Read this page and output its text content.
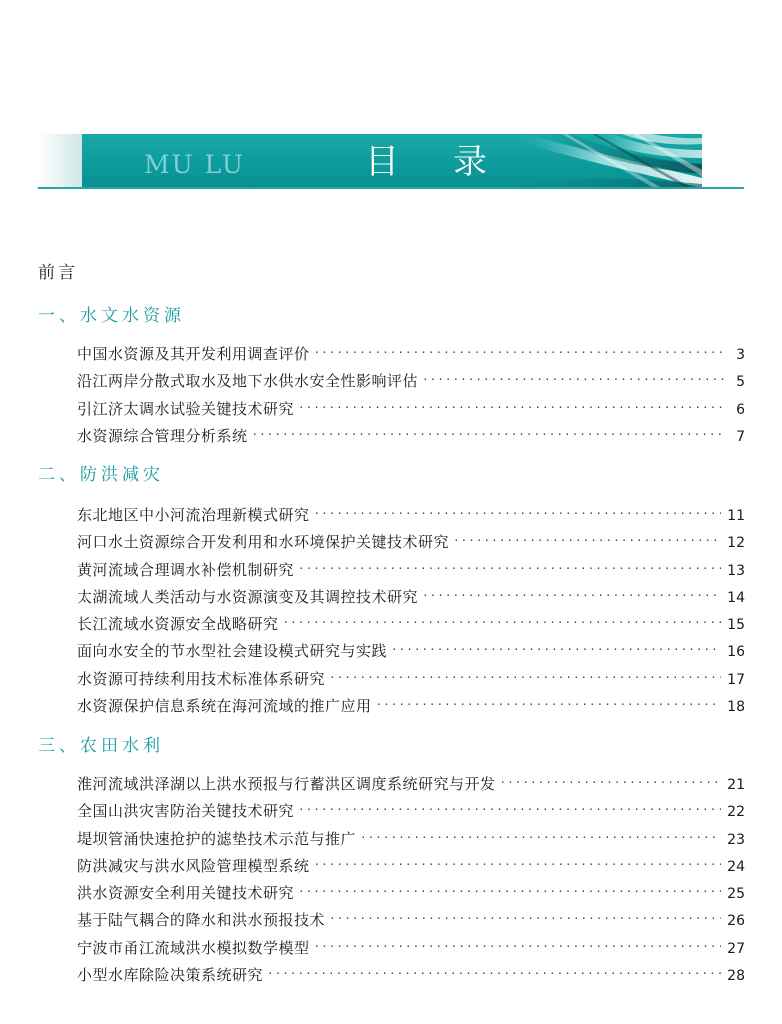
MU LU	目录
前言
一、水文水资源
中国水资源及其开发利用调查评价 ·····	3
沿江两岸分散式取水及地下水供水安全性影响评估 ·····	5
引江济太调水试验关键技术研究 ·····	6
水资源综合管理分析系统 ·····	7
二、防洪减灾
东北地区中小河流治理新模式研究 ·····	11
河口水土资源综合开发利用和水环境保护关键技术研究 ·····	12
黄河流域合理调水补偿机制研究 ·····	13
太湖流域人类活动与水资源演变及其调控技术研究 ·····	14
长江流域水资源安全战略研究 ·····	15
面向水安全的节水型社会建设模式研究与实践 ·····	16
水资源可持续利用技术标准体系研究 ·····	17
水资源保护信息系统在海河流域的推广应用 ·····	18
三、农田水利
淮河流域洪泽湖以上洪水预报与行蓄洪区调度系统研究与开发 ·····	21
全国山洪灾害防治关键技术研究 ·····	22
堤坝管涌快速抢护的滤垫技术示范与推广 ·····	23
防洪减灾与洪水风险管理模型系统 ·····	24
洪水资源安全利用关键技术研究 ·····	25
基于陆气耦合的降水和洪水预报技术 ·····	26
宁波市甬江流域洪水模拟数学模型 ·····	27
小型水库除险决策系统研究 ·····	28
